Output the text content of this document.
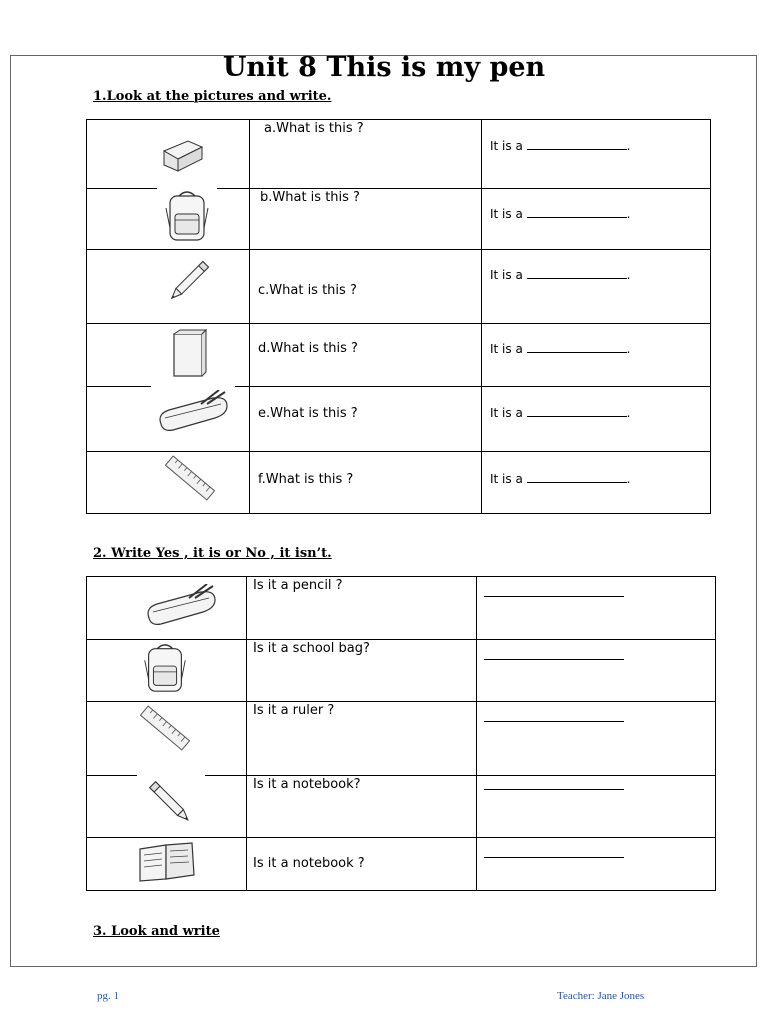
Unit 8 This is my pen
1.Look at the pictures and write.

a.What is this ?	It is a .

b.What is this ?	It is a .

c.What is this ?	It is a .

d.What is this ?	It is a .

e.What is this ?	It is a .

f.What is this ?	It is a .
2. Write Yes , it is or No , it isn’t.

Is it a pencil ?	

Is it a school bag?	

Is it a ruler ?	

Is it a notebook?	

Is it a notebook ?	

3. Look and write
pg. 1	Teacher: Jane Jones
